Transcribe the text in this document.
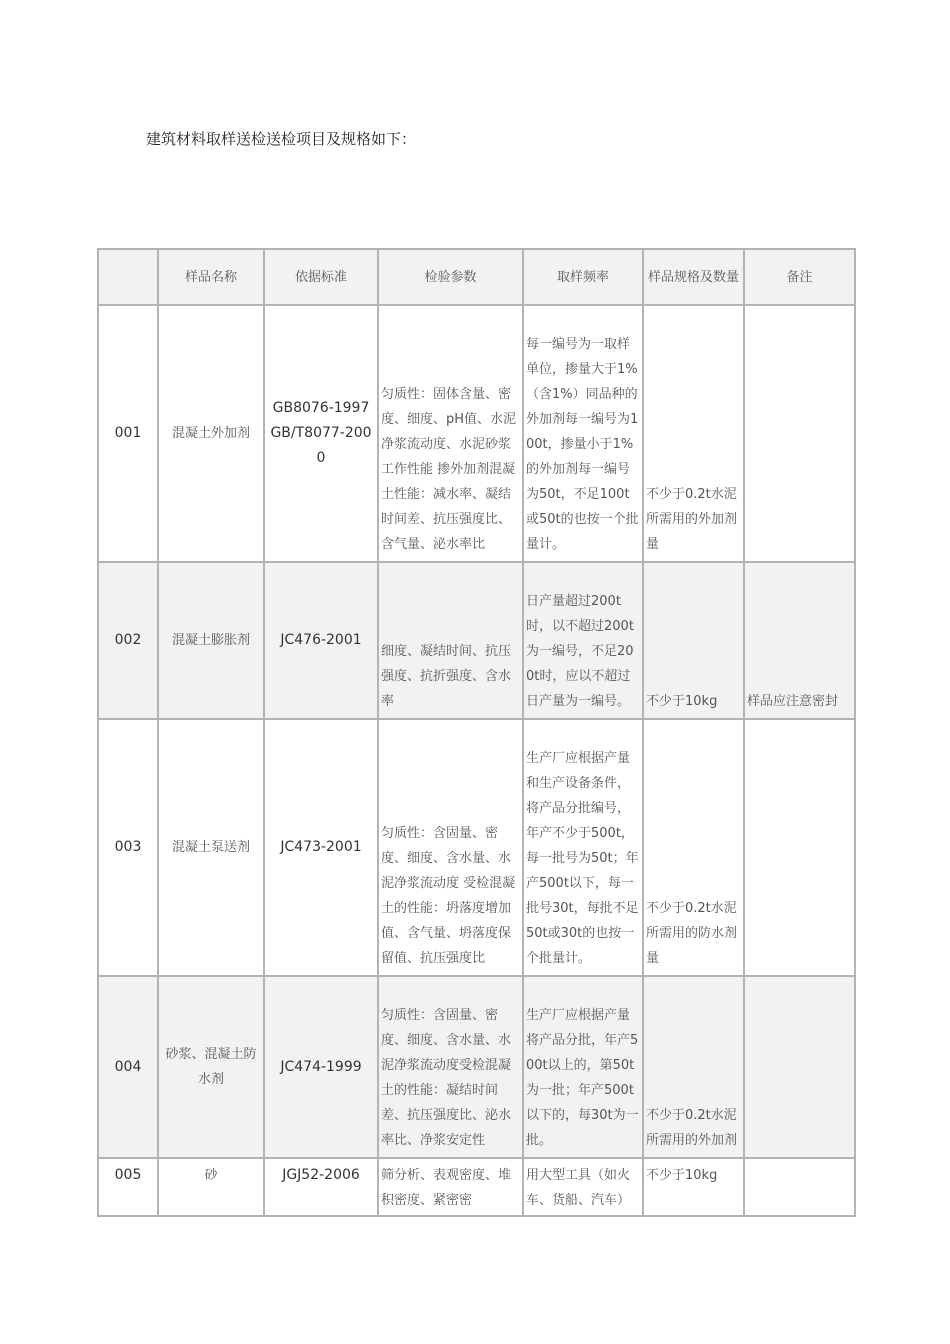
建筑材料取样送检送检项目及规格如下：

	样品名称	依据标准	检验参数	取样频率	样品规格及数量	备注
001	混凝土外加剂	GB8076-1997 GB/T8077-2000	匀质性：固体含量、密度、细度、pH值、水泥净浆流动度、水泥砂浆工作性能 掺外加剂混凝土性能：减水率、凝结时间差、抗压强度比、含气量、泌水率比	每一编号为一取样单位，掺量大于1%（含1%）同品种的外加剂每一编号为100t，掺量小于1%的外加剂每一编号为50t，不足100t或50t的也按一个批量计。	不少于0.2t水泥所需用的外加剂量	
002	混凝土膨胀剂	JC476-2001	细度、凝结时间、抗压强度、抗折强度、含水率	日产量超过200t时，以不超过200t为一编号，不足200t时，应以不超过日产量为一编号。	不少于10kg	样品应注意密封
003	混凝土泵送剂	JC473-2001	匀质性：含固量、密度、细度、含水量、水泥净浆流动度 受检混凝土的性能：坍落度增加值、含气量、坍落度保留值、抗压强度比	生产厂应根据产量和生产设备条件，将产品分批编号，年产不少于500t，每一批号为50t；年产500t以下，每一批号30t，每批不足50t或30t的也按一个批量计。	不少于0.2t水泥所需用的防水剂量	
004	砂浆、混凝土防水剂	JC474-1999	匀质性：含固量、密度、细度、含水量、水泥净浆流动度受检混凝土的性能：凝结时间差、抗压强度比、泌水率比、净浆安定性	生产厂应根据产量将产品分批，年产500t以上的，第50t为一批；年产500t以下的，每30t为一批。	不少于0.2t水泥所需用的外加剂	
005	砂	JGJ52-2006	筛分析、表观密度、堆积密度、紧密密	用大型工具（如火车、货船、汽车）	不少于10kg	
